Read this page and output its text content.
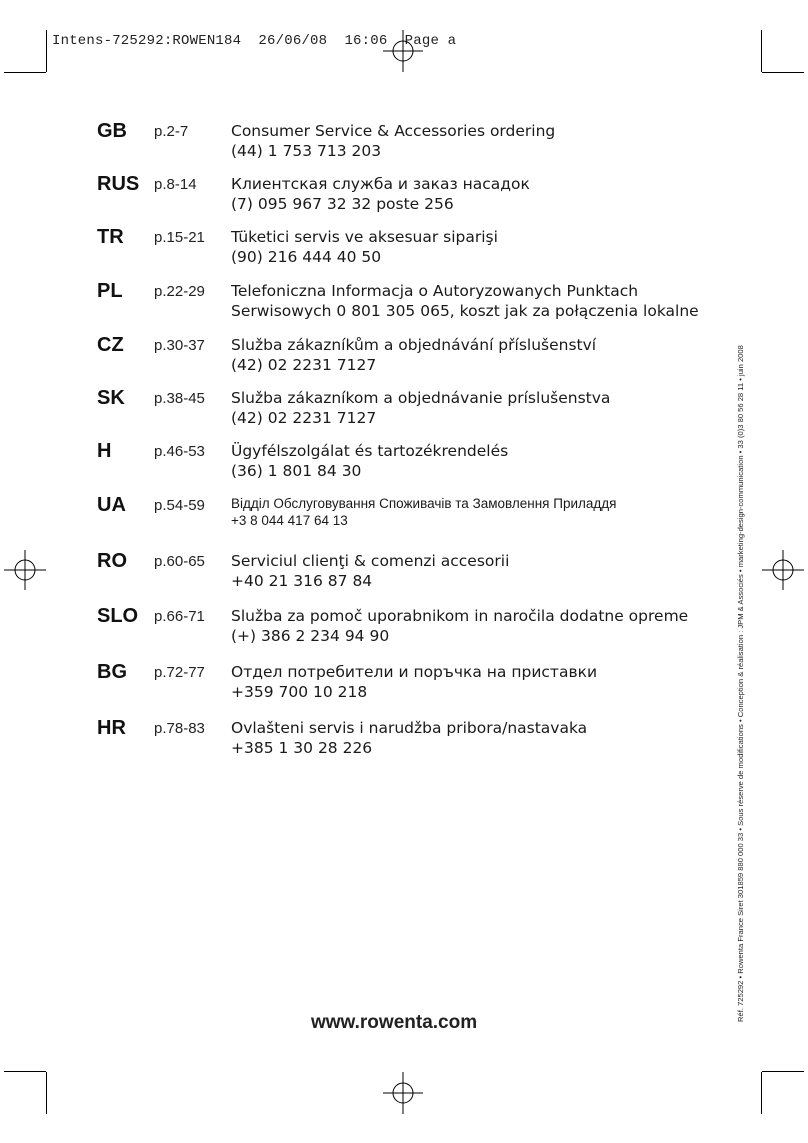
Intens-725292:ROWEN184  26/06/08  16:06  Page a
GB p.2-7	Consumer Service & Accessories ordering
(44) 1 753 713 203
RUS p.8-14 Клиентская служба и заказ насадок
(7) 095 967 32 32 poste 256
TR p.15-21 Tüketici servis ve aksesuar siparişi
(90) 216 444 40 50
PL p.22-29 Telefoniczna Informacja o Autoryzowanych Punktach
Serwisowych 0 801 305 065, koszt jak za połączenia lokalne
CZ p.30-37 Služba zákazníkům a objednávání příslušenství
(42) 02 2231 7127
SK p.38-45 Služba zákazníkom a objednávanie príslušenstva
(42) 02 2231 7127
H	p.46-53 Ügyfélszolgálat és tartozékrendelés
(36) 1 801 84 30
UA p.54-59 Відділ Обслуговування Споживачів та Замовлення Приладдя
+3 8 044 417 64 13
RO p.60-65 Serviciul clienţi & comenzi accesorii
+40 21 316 87 84
SLO p.66-71 Služba za pomoč uporabnikom in naročila dodatne opreme
(+) 386 2 234 94 90
BG p.72-77 Отдел потребители и поръчка на приставки
+359 700 10 218
HR p.78-83 Ovlašteni servis i narudžba pribora/nastavaka
+385 1 30 28 226
www.rowenta.com
Réf. 725292 • Rowenta France Siret 301859 880 000 33 • Sous réserve de modifications • Conception & réalisation : JPM & Associés • marketing-design-communication • 33 (0)3 80 56 28 11 • juin 2008
